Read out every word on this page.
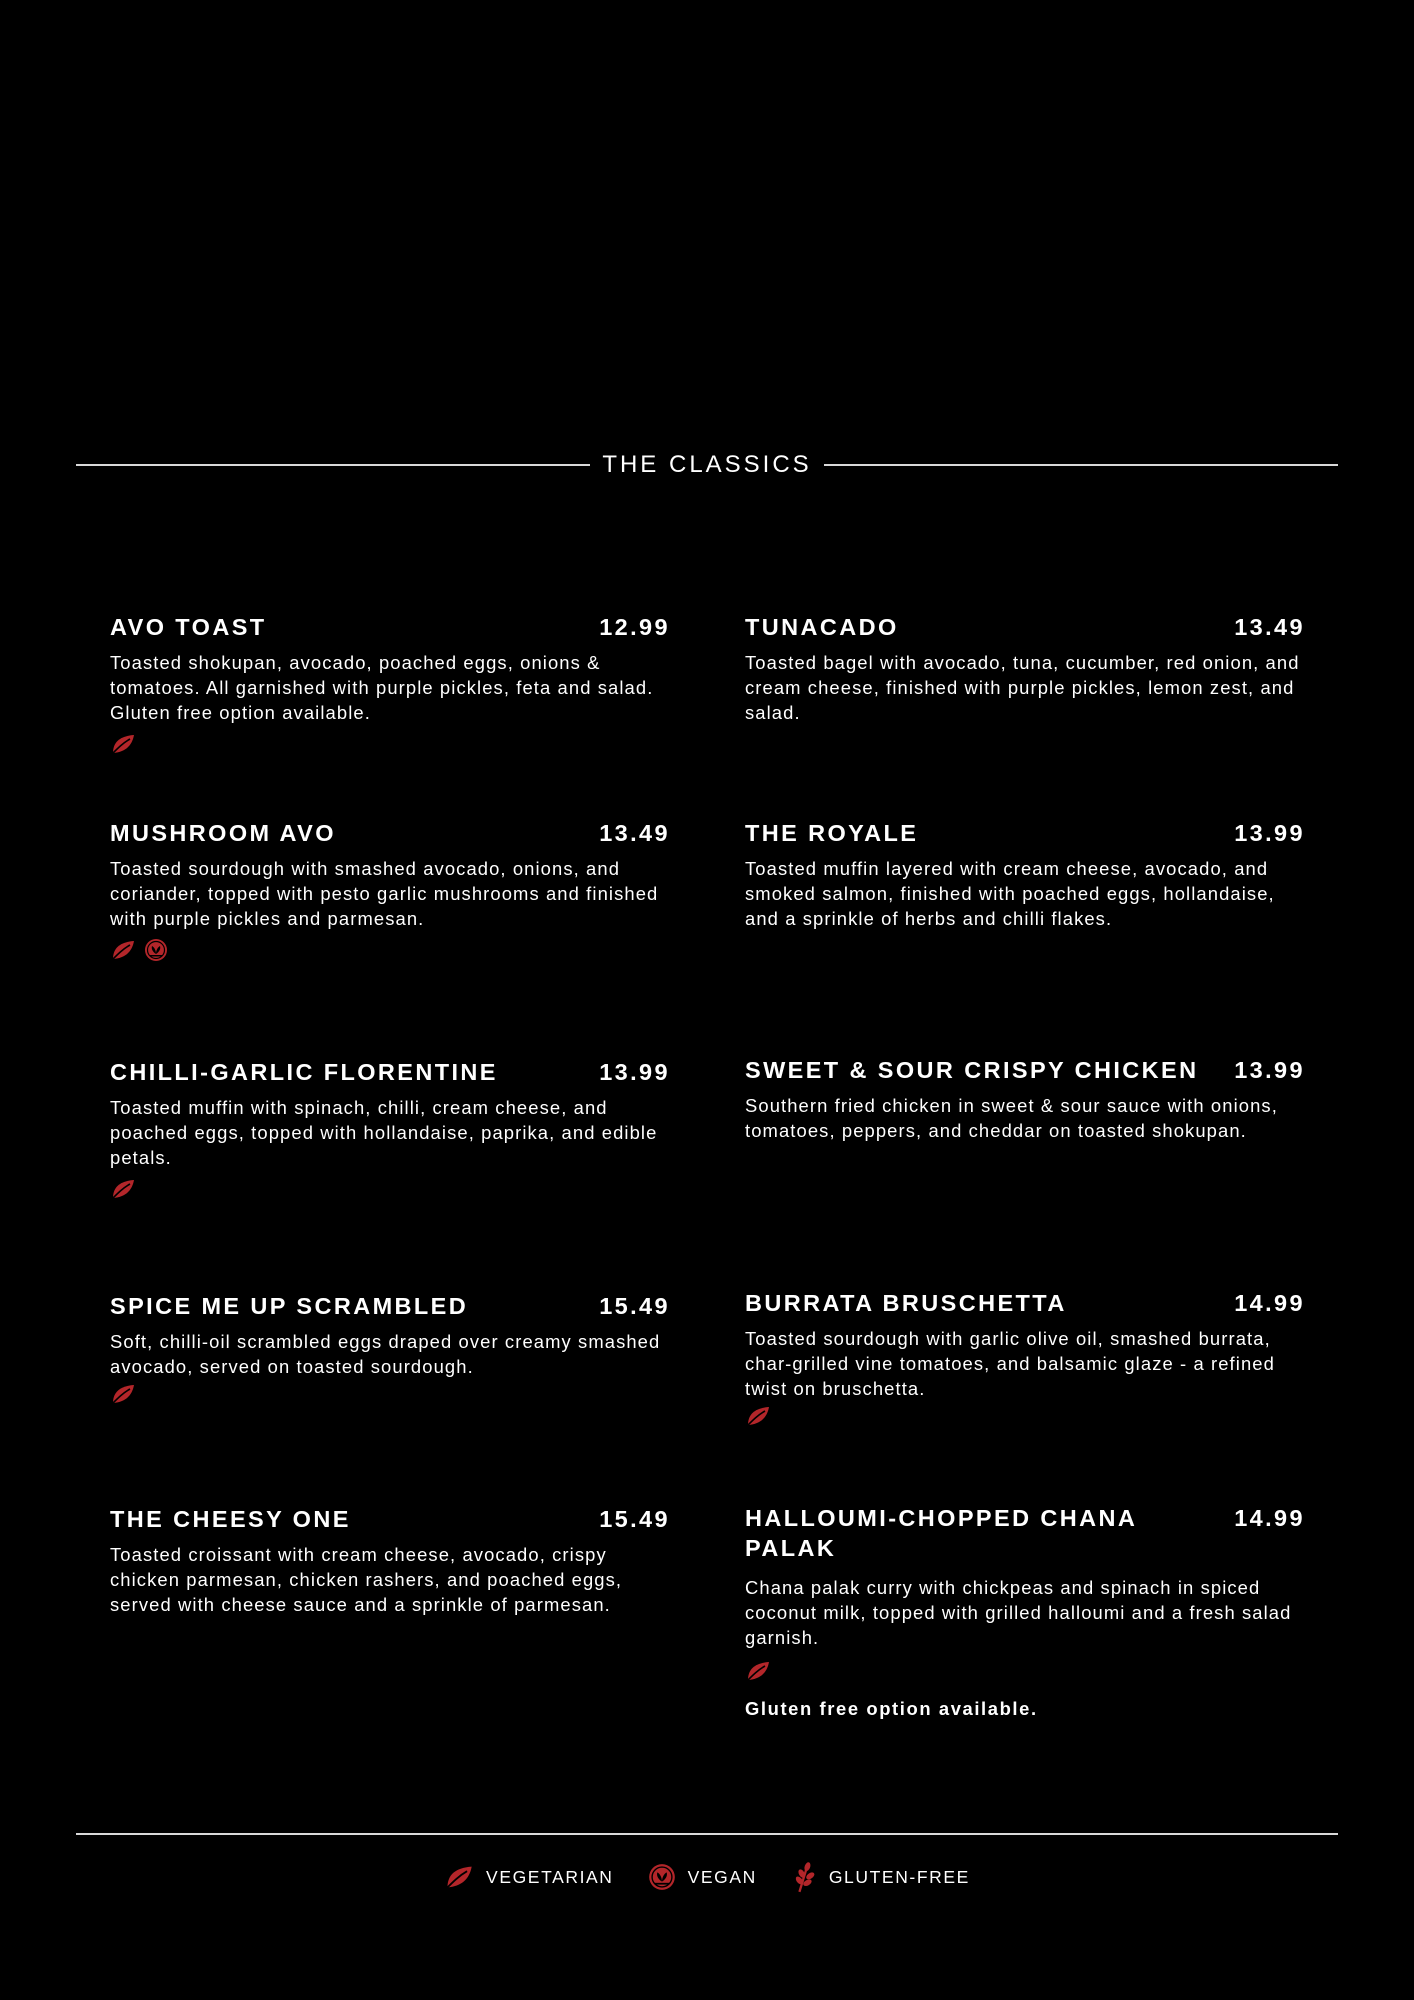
THE CLASSICS
AVO TOAST	12.99
Toasted shokupan, avocado, poached eggs, onions & tomatoes. All garnished with purple pickles, feta and salad. Gluten free option available.
MUSHROOM AVO	13.49
Toasted sourdough with smashed avocado, onions, and coriander, topped with pesto garlic mushrooms and finished with purple pickles and parmesan.
CHILLI-GARLIC FLORENTINE	13.99
Toasted muffin with spinach, chilli, cream cheese, and poached eggs, topped with hollandaise, paprika, and edible petals.
SPICE ME UP SCRAMBLED	15.49
Soft, chilli-oil scrambled eggs draped over creamy smashed avocado, served on toasted sourdough.
THE CHEESY ONE	15.49
Toasted croissant with cream cheese, avocado, crispy chicken parmesan, chicken rashers, and poached eggs, served with cheese sauce and a sprinkle of parmesan.
TUNACADO	13.49
Toasted bagel with avocado, tuna, cucumber, red onion, and cream cheese, finished with purple pickles, lemon zest, and salad.
THE ROYALE	13.99
Toasted muffin layered with cream cheese, avocado, and smoked salmon, finished with poached eggs, hollandaise, and a sprinkle of herbs and chilli flakes.
SWEET & SOUR CRISPY CHICKEN 13.99
Southern fried chicken in sweet & sour sauce with onions, tomatoes, peppers, and cheddar on toasted shokupan.
BURRATA BRUSCHETTA	14.99
Toasted sourdough with garlic olive oil, smashed burrata, char-grilled vine tomatoes, and balsamic glaze - a refined twist on bruschetta.
HALLOUMI-CHOPPED CHANA PALAK
14.99
Chana palak curry with chickpeas and spinach in spiced coconut milk, topped with grilled halloumi and a fresh salad garnish.
Gluten free option available.
VEGETARIAN	VEGAN	GLUTEN-FREE
